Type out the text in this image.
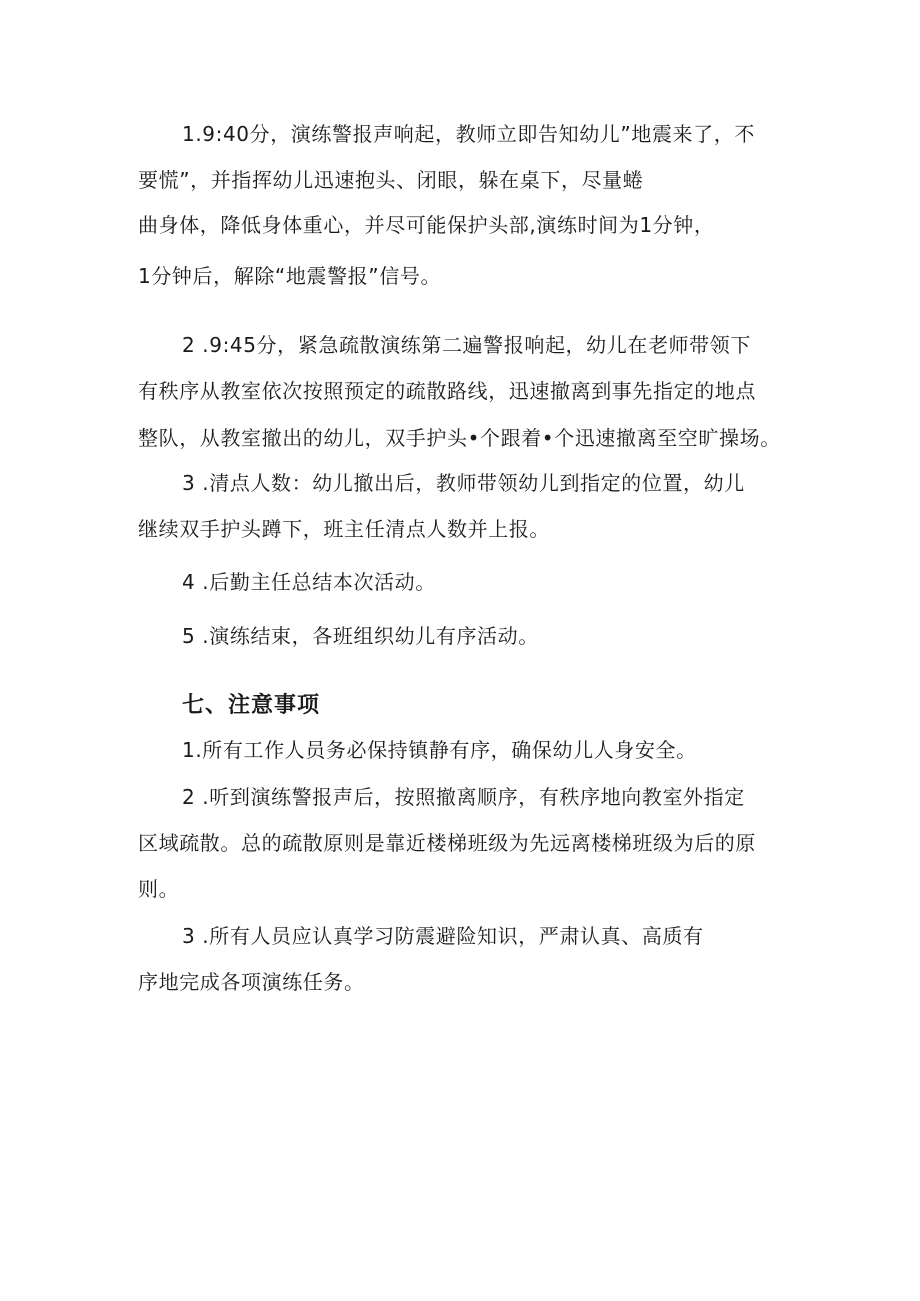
1.9:40分，演练警报声响起，教师立即告知幼儿”地震来了，不
要慌”，并指挥幼儿迅速抱头、闭眼，躲在桌下，尽量蜷
曲身体，降低身体重心，并尽可能保护头部,演练时间为1分钟，
1分钟后，解除“地震警报”信号。
2 .9:45分，紧急疏散演练第二遍警报响起，幼儿在老师带领下
有秩序从教室依次按照预定的疏散路线，迅速撤离到事先指定的地点
整队，从教室撤出的幼儿，双手护头•个跟着•个迅速撤离至空旷操场。
3 .清点人数：幼儿撤出后，教师带领幼儿到指定的位置，幼儿
继续双手护头蹲下，班主任清点人数并上报。
4 .后勤主任总结本次活动。
5 .演练结束，各班组织幼儿有序活动。
七、注意事项
1.所有工作人员务必保持镇静有序，确保幼儿人身安全。
2 .听到演练警报声后，按照撤离顺序，有秩序地向教室外指定
区域疏散。总的疏散原则是靠近楼梯班级为先远离楼梯班级为后的原
则。
3 .所有人员应认真学习防震避险知识，严肃认真、高质有
序地完成各项演练任务。
